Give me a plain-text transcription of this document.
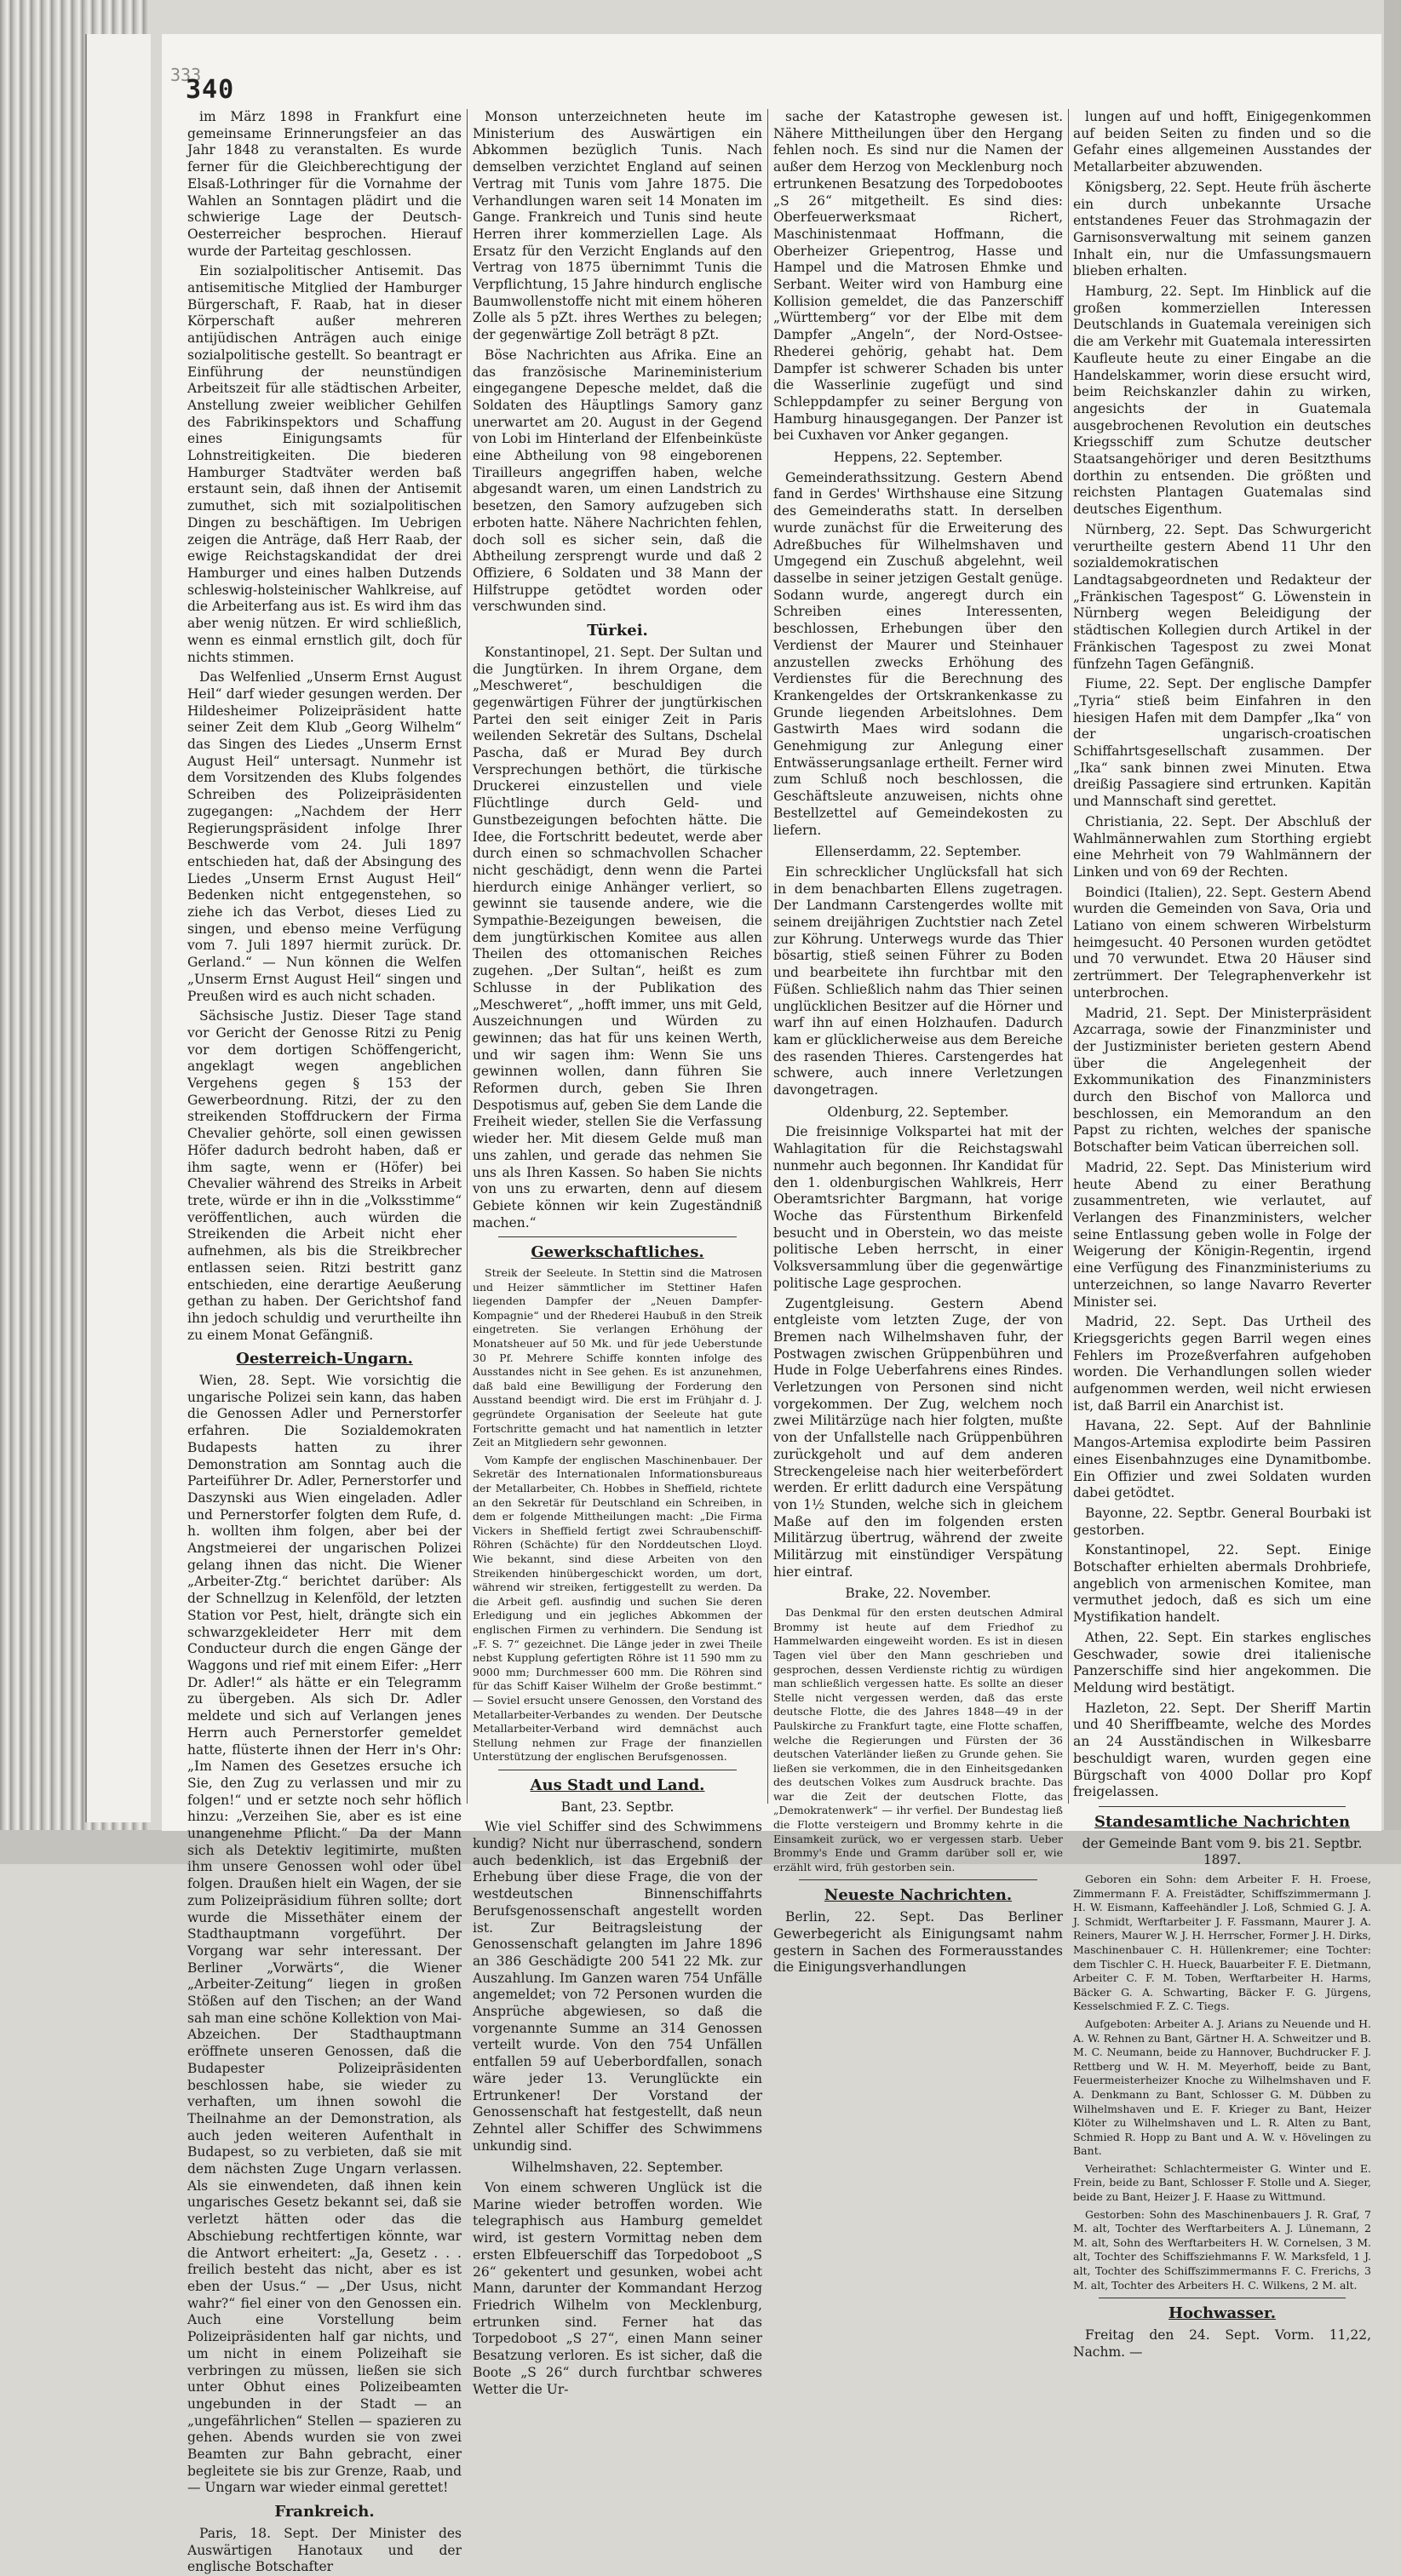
333
340

im März 1898 in Frankfurt eine gemeinsame Erinnerungsfeier an das Jahr 1848 zu veranstalten. Es wurde ferner für die Gleichberechtigung der Elsaß-Lothringer für die Vornahme der Wahlen an Sonntagen plädirt und die schwierige Lage der Deutsch-Oesterreicher besprochen. Hierauf wurde der Parteitag geschlossen.

Ein sozialpolitischer Antisemit. Das antisemitische Mitglied der Hamburger Bürgerschaft, F. Raab, hat in dieser Körperschaft außer mehreren antijüdischen Anträgen auch einige sozialpolitische gestellt. So beantragt er Einführung der neunstündigen Arbeitszeit für alle städtischen Arbeiter, Anstellung zweier weiblicher Gehilfen des Fabrikinspektors und Schaffung eines Einigungsamts für Lohnstreitigkeiten. Die biederen Hamburger Stadtväter werden baß erstaunt sein, daß ihnen der Antisemit zumuthet, sich mit sozialpolitischen Dingen zu beschäftigen. Im Uebrigen zeigen die Anträge, daß Herr Raab, der ewige Reichstagskandidat der drei Hamburger und eines halben Dutzends schleswig-holsteinischer Wahlkreise, auf die Arbeiterfang aus ist. Es wird ihm das aber wenig nützen. Er wird schließlich, wenn es einmal ernstlich gilt, doch für nichts stimmen.

Das Welfenlied „Unserm Ernst August Heil“ darf wieder gesungen werden. Der Hildesheimer Polizeipräsident hatte seiner Zeit dem Klub „Georg Wilhelm“ das Singen des Liedes „Unserm Ernst August Heil“ untersagt. Nunmehr ist dem Vorsitzenden des Klubs folgendes Schreiben des Polizeipräsidenten zugegangen: „Nachdem der Herr Regierungspräsident infolge Ihrer Beschwerde vom 24. Juli 1897 entschieden hat, daß der Absingung des Liedes „Unserm Ernst August Heil“ Bedenken nicht entgegenstehen, so ziehe ich das Verbot, dieses Lied zu singen, und ebenso meine Verfügung vom 7. Juli 1897 hiermit zurück. Dr. Gerland.“ — Nun können die Welfen „Unserm Ernst August Heil“ singen und Preußen wird es auch nicht schaden.

Sächsische Justiz. Dieser Tage stand vor Gericht der Genosse Ritzi zu Penig vor dem dortigen Schöffengericht, angeklagt wegen angeblichen Vergehens gegen § 153 der Gewerbeordnung. Ritzi, der zu den streikenden Stoffdruckern der Firma Chevalier gehörte, soll einen gewissen Höfer dadurch bedroht haben, daß er ihm sagte, wenn er (Höfer) bei Chevalier während des Streiks in Arbeit trete, würde er ihn in die „Volksstimme“ veröffentlichen, auch würden die Streikenden die Arbeit nicht eher aufnehmen, als bis die Streikbrecher entlassen seien. Ritzi bestritt ganz entschieden, eine derartige Aeußerung gethan zu haben. Der Gerichtshof fand ihn jedoch schuldig und verurtheilte ihn zu einem Monat Gefängniß.

Oesterreich-Ungarn.

Wien, 28. Sept. Wie vorsichtig die ungarische Polizei sein kann, das haben die Genossen Adler und Pernerstorfer erfahren. Die Sozialdemokraten Budapests hatten zu ihrer Demonstration am Sonntag auch die Parteiführer Dr. Adler, Pernerstorfer und Daszynski aus Wien eingeladen. Adler und Pernerstorfer folgten dem Rufe, d. h. wollten ihm folgen, aber bei der Angstmeierei der ungarischen Polizei gelang ihnen das nicht. Die Wiener „Arbeiter-Ztg.“ berichtet darüber: Als der Schnellzug in Kelenföld, der letzten Station vor Pest, hielt, drängte sich ein schwarzgekleideter Herr mit dem Conducteur durch die engen Gänge der Waggons und rief mit einem Eifer: „Herr Dr. Adler!“ als hätte er ein Telegramm zu übergeben. Als sich Dr. Adler meldete und sich auf Verlangen jenes Herrn auch Pernerstorfer gemeldet hatte, flüsterte ihnen der Herr in's Ohr: „Im Namen des Gesetzes ersuche ich Sie, den Zug zu verlassen und mir zu folgen!“ und er setzte noch sehr höflich hinzu: „Verzeihen Sie, aber es ist eine unangenehme Pflicht.“ Da der Mann sich als Detektiv legitimirte, mußten ihm unsere Genossen wohl oder übel folgen. Draußen hielt ein Wagen, der sie zum Polizeipräsidium führen sollte; dort wurde die Missethäter einem der Stadthauptmann vorgeführt. Der Vorgang war sehr interessant. Der Berliner „Vorwärts“, die Wiener „Arbeiter-Zeitung“ liegen in großen Stößen auf den Tischen; an der Wand sah man eine schöne Kollektion von Mai-Abzeichen. Der Stadthauptmann eröffnete unseren Genossen, daß die Budapester Polizeipräsidenten beschlossen habe, sie wieder zu verhaften, um ihnen sowohl die Theilnahme an der Demonstration, als auch jeden weiteren Aufenthalt in Budapest, so zu verbieten, daß sie mit dem nächsten Zuge Ungarn verlassen. Als sie einwendeten, daß ihnen kein ungarisches Gesetz bekannt sei, daß sie verletzt hätten oder das die Abschiebung rechtfertigen könnte, war die Antwort erheitert: „Ja, Gesetz . . . freilich besteht das nicht, aber es ist eben der Usus.“ — „Der Usus, nicht wahr?“ fiel einer von den Genossen ein. Auch eine Vorstellung beim Polizeipräsidenten half gar nichts, und um nicht in einem Polizeihaft sie verbringen zu müssen, ließen sie sich unter Obhut eines Polizeibeamten ungebunden in der Stadt — an „ungefährlichen“ Stellen — spazieren zu gehen. Abends wurden sie von zwei Beamten zur Bahn gebracht, einer begleitete sie bis zur Grenze, Raab, und — Ungarn war wieder einmal gerettet!

Frankreich.

Paris, 18. Sept. Der Minister des Auswärtigen Hanotaux und der englische Botschafter

Monson unterzeichneten heute im Ministerium des Auswärtigen ein Abkommen bezüglich Tunis. Nach demselben verzichtet England auf seinen Vertrag mit Tunis vom Jahre 1875. Die Verhandlungen waren seit 14 Monaten im Gange. Frankreich und Tunis sind heute Herren ihrer kommerziellen Lage. Als Ersatz für den Verzicht Englands auf den Vertrag von 1875 übernimmt Tunis die Verpflichtung, 15 Jahre hindurch englische Baumwollenstoffe nicht mit einem höheren Zolle als 5 pZt. ihres Werthes zu belegen; der gegenwärtige Zoll beträgt 8 pZt.

Böse Nachrichten aus Afrika. Eine an das französische Marineministerium eingegangene Depesche meldet, daß die Soldaten des Häuptlings Samory ganz unerwartet am 20. August in der Gegend von Lobi im Hinterland der Elfenbeinküste eine Abtheilung von 98 eingeborenen Tirailleurs angegriffen haben, welche abgesandt waren, um einen Landstrich zu besetzen, den Samory aufzugeben sich erboten hatte. Nähere Nachrichten fehlen, doch soll es sicher sein, daß die Abtheilung zersprengt wurde und daß 2 Offiziere, 6 Soldaten und 38 Mann der Hilfstruppe getödtet worden oder verschwunden sind.

Türkei.

Konstantinopel, 21. Sept. Der Sultan und die Jungtürken. In ihrem Organe, dem „Meschweret“, beschuldigen die gegenwärtigen Führer der jungtürkischen Partei den seit einiger Zeit in Paris weilenden Sekretär des Sultans, Dschelal Pascha, daß er Murad Bey durch Versprechungen bethört, die türkische Druckerei einzustellen und viele Flüchtlinge durch Geld- und Gunstbezeigungen befochten hätte. Die Idee, die Fortschritt bedeutet, werde aber durch einen so schmachvollen Schacher nicht geschädigt, denn wenn die Partei hierdurch einige Anhänger verliert, so gewinnt sie tausende andere, wie die Sympathie-Bezeigungen beweisen, die dem jungtürkischen Komitee aus allen Theilen des ottomanischen Reiches zugehen. „Der Sultan“, heißt es zum Schlusse in der Publikation des „Meschweret“, „hofft immer, uns mit Geld, Auszeichnungen und Würden zu gewinnen; das hat für uns keinen Werth, und wir sagen ihm: Wenn Sie uns gewinnen wollen, dann führen Sie Reformen durch, geben Sie Ihren Despotismus auf, geben Sie dem Lande die Freiheit wieder, stellen Sie die Verfassung wieder her. Mit diesem Gelde muß man uns zahlen, und gerade das nehmen Sie uns als Ihren Kassen. So haben Sie nichts von uns zu erwarten, denn auf diesem Gebiete können wir kein Zugeständniß machen.“

Gewerkschaftliches.

Streik der Seeleute. In Stettin sind die Matrosen und Heizer sämmtlicher im Stettiner Hafen liegenden Dampfer der „Neuen Dampfer-Kompagnie“ und der Rhederei Haubuß in den Streik eingetreten. Sie verlangen Erhöhung der Monatsheuer auf 50 Mk. und für jede Ueberstunde 30 Pf. Mehrere Schiffe konnten infolge des Ausstandes nicht in See gehen. Es ist anzunehmen, daß bald eine Bewilligung der Forderung den Ausstand beendigt wird. Die erst im Frühjahr d. J. gegründete Organisation der Seeleute hat gute Fortschritte gemacht und hat namentlich in letzter Zeit an Mitgliedern sehr gewonnen.

Vom Kampfe der englischen Maschinenbauer. Der Sekretär des Internationalen Informationsbureaus der Metallarbeiter, Ch. Hobbes in Sheffield, richtete an den Sekretär für Deutschland ein Schreiben, in dem er folgende Mittheilungen macht: „Die Firma Vickers in Sheffield fertigt zwei Schraubenschiff-Röhren (Schächte) für den Norddeutschen Lloyd. Wie bekannt, sind diese Arbeiten von den Streikenden hinübergeschickt worden, um dort, während wir streiken, fertiggestellt zu werden. Da die Arbeit gefl. ausfindig und suchen Sie deren Erledigung und ein jegliches Abkommen der englischen Firmen zu verhindern. Die Sendung ist „F. S. 7“ gezeichnet. Die Länge jeder in zwei Theile nebst Kupplung gefertigten Röhre ist 11 590 mm zu 9000 mm; Durchmesser 600 mm. Die Röhren sind für das Schiff Kaiser Wilhelm der Große bestimmt.“ — Soviel ersucht unsere Genossen, den Vorstand des Metallarbeiter-Verbandes zu wenden. Der Deutsche Metallarbeiter-Verband wird demnächst auch Stellung nehmen zur Frage der finanziellen Unterstützung der englischen Berufsgenossen.

Aus Stadt und Land.

Bant, 23. Septbr.

Wie viel Schiffer sind des Schwimmens kundig? Nicht nur überraschend, sondern auch bedenklich, ist das Ergebniß der Erhebung über diese Frage, die von der westdeutschen Binnenschiffahrts Berufsgenossenschaft angestellt worden ist. Zur Beitragsleistung der Genossenschaft gelangten im Jahre 1896 an 386 Geschädigte 200 541 22 Mk. zur Auszahlung. Im Ganzen waren 754 Unfälle angemeldet; von 72 Personen wurden die Ansprüche abgewiesen, so daß die vorgenannte Summe an 314 Genossen verteilt wurde. Von den 754 Unfällen entfallen 59 auf Ueberbordfallen, sonach wäre jeder 13. Verunglückte ein Ertrunkener! Der Vorstand der Genossenschaft hat festgestellt, daß neun Zehntel aller Schiffer des Schwimmens unkundig sind.

Wilhelmshaven, 22. September.

Von einem schweren Unglück ist die Marine wieder betroffen worden. Wie telegraphisch aus Hamburg gemeldet wird, ist gestern Vormittag neben dem ersten Elbfeuerschiff das Torpedoboot „S 26“ gekentert und gesunken, wobei acht Mann, darunter der Kommandant Herzog Friedrich Wilhelm von Mecklenburg, ertrunken sind. Ferner hat das Torpedoboot „S 27“, einen Mann seiner Besatzung verloren. Es ist sicher, daß die Boote „S 26“ durch furchtbar schweres Wetter die Ur-

sache der Katastrophe gewesen ist. Nähere Mittheilungen über den Hergang fehlen noch. Es sind nur die Namen der außer dem Herzog von Mecklenburg noch ertrunkenen Besatzung des Torpedobootes „S 26“ mitgetheilt. Es sind dies: Oberfeuerwerksmaat Richert, Maschinistenmaat Hoffmann, die Oberheizer Griepentrog, Hasse und Hampel und die Matrosen Ehmke und Serbant. Weiter wird von Hamburg eine Kollision gemeldet, die das Panzerschiff „Württemberg“ vor der Elbe mit dem Dampfer „Angeln“, der Nord-Ostsee-Rhederei gehörig, gehabt hat. Dem Dampfer ist schwerer Schaden bis unter die Wasserlinie zugefügt und sind Schleppdampfer zu seiner Bergung von Hamburg hinausgegangen. Der Panzer ist bei Cuxhaven vor Anker gegangen.

Heppens, 22. September.

Gemeinderathssitzung. Gestern Abend fand in Gerdes' Wirthshause eine Sitzung des Gemeinderaths statt. In derselben wurde zunächst für die Erweiterung des Adreßbuches für Wilhelmshaven und Umgegend ein Zuschuß abgelehnt, weil dasselbe in seiner jetzigen Gestalt genüge. Sodann wurde, angeregt durch ein Schreiben eines Interessenten, beschlossen, Erhebungen über den Verdienst der Maurer und Steinhauer anzustellen zwecks Erhöhung des Verdienstes für die Berechnung des Krankengeldes der Ortskrankenkasse zu Grunde liegenden Arbeitslohnes. Dem Gastwirth Maes wird sodann die Genehmigung zur Anlegung einer Entwässerungsanlage ertheilt. Ferner wird zum Schluß noch beschlossen, die Geschäftsleute anzuweisen, nichts ohne Bestellzettel auf Gemeindekosten zu liefern.

Ellenserdamm, 22. September.

Ein schrecklicher Unglücksfall hat sich in dem benachbarten Ellens zugetragen. Der Landmann Carstengerdes wollte mit seinem dreijährigen Zuchtstier nach Zetel zur Köhrung. Unterwegs wurde das Thier bösartig, stieß seinen Führer zu Boden und bearbeitete ihn furchtbar mit den Füßen. Schließlich nahm das Thier seinen unglücklichen Besitzer auf die Hörner und warf ihn auf einen Holzhaufen. Dadurch kam er glücklicherweise aus dem Bereiche des rasenden Thieres. Carstengerdes hat schwere, auch innere Verletzungen davongetragen.

Oldenburg, 22. September.

Die freisinnige Volkspartei hat mit der Wahlagitation für die Reichstagswahl nunmehr auch begonnen. Ihr Kandidat für den 1. oldenburgischen Wahlkreis, Herr Oberamtsrichter Bargmann, hat vorige Woche das Fürstenthum Birkenfeld besucht und in Oberstein, wo das meiste politische Leben herrscht, in einer Volksversammlung über die gegenwärtige politische Lage gesprochen.

Zugentgleisung. Gestern Abend entgleiste vom letzten Zuge, der von Bremen nach Wilhelmshaven fuhr, der Postwagen zwischen Grüppenbühren und Hude in Folge Ueberfahrens eines Rindes. Verletzungen von Personen sind nicht vorgekommen. Der Zug, welchem noch zwei Militärzüge nach hier folgten, mußte von der Unfallstelle nach Grüppenbühren zurückgeholt und auf dem anderen Streckengeleise nach hier weiterbefördert werden. Er erlitt dadurch eine Verspätung von 1½ Stunden, welche sich in gleichem Maße auf den im folgenden ersten Militärzug übertrug, während der zweite Militärzug mit einstündiger Verspätung hier eintraf.

Brake, 22. November.

Das Denkmal für den ersten deutschen Admiral Brommy ist heute auf dem Friedhof zu Hammelwarden eingeweiht worden. Es ist in diesen Tagen viel über den Mann geschrieben und gesprochen, dessen Verdienste richtig zu würdigen man schließlich vergessen hatte. Es sollte an dieser Stelle nicht vergessen werden, daß das erste deutsche Flotte, die des Jahres 1848—49 in der Paulskirche zu Frankfurt tagte, eine Flotte schaffen, welche die Regierungen und Fürsten der 36 deutschen Vaterländer ließen zu Grunde gehen. Sie ließen sie verkommen, die in den Einheitsgedanken des deutschen Volkes zum Ausdruck brachte. Das war die Zeit der deutschen Flotte, das „Demokratenwerk“ — ihr verfiel. Der Bundestag ließ die Flotte versteigern und Brommy kehrte in die Einsamkeit zurück, wo er vergessen starb. Ueber Brommy's Ende und Gramm darüber soll er, wie erzählt wird, früh gestorben sein.

Neueste Nachrichten.

Berlin, 22. Sept. Das Berliner Gewerbegericht als Einigungsamt nahm gestern in Sachen des Formerausstandes die Einigungsverhandlungen

lungen auf und hofft, Einigegenkommen auf beiden Seiten zu finden und so die Gefahr eines allgemeinen Ausstandes der Metallarbeiter abzuwenden.

Königsberg, 22. Sept. Heute früh äscherte ein durch unbekannte Ursache entstandenes Feuer das Strohmagazin der Garnisonsverwaltung mit seinem ganzen Inhalt ein, nur die Umfassungsmauern blieben erhalten.

Hamburg, 22. Sept. Im Hinblick auf die großen kommerziellen Interessen Deutschlands in Guatemala vereinigen sich die am Verkehr mit Guatemala interessirten Kaufleute heute zu einer Eingabe an die Handelskammer, worin diese ersucht wird, beim Reichskanzler dahin zu wirken, angesichts der in Guatemala ausgebrochenen Revolution ein deutsches Kriegsschiff zum Schutze deutscher Staatsangehöriger und deren Besitzthums dorthin zu entsenden. Die größten und reichsten Plantagen Guatemalas sind deutsches Eigenthum.

Nürnberg, 22. Sept. Das Schwurgericht verurtheilte gestern Abend 11 Uhr den sozialdemokratischen Landtagsabgeordneten und Redakteur der „Fränkischen Tagespost“ G. Löwenstein in Nürnberg wegen Beleidigung der städtischen Kollegien durch Artikel in der Fränkischen Tagespost zu zwei Monat fünfzehn Tagen Gefängniß.

Fiume, 22. Sept. Der englische Dampfer „Tyria“ stieß beim Einfahren in den hiesigen Hafen mit dem Dampfer „Ika“ von der ungarisch-croatischen Schiffahrtsgesellschaft zusammen. Der „Ika“ sank binnen zwei Minuten. Etwa dreißig Passagiere sind ertrunken. Kapitän und Mannschaft sind gerettet.

Christiania, 22. Sept. Der Abschluß der Wahlmännerwahlen zum Storthing ergiebt eine Mehrheit von 79 Wahlmännern der Linken und von 69 der Rechten.

Boindici (Italien), 22. Sept. Gestern Abend wurden die Gemeinden von Sava, Oria und Latiano von einem schweren Wirbelsturm heimgesucht. 40 Personen wurden getödtet und 70 verwundet. Etwa 20 Häuser sind zertrümmert. Der Telegraphenverkehr ist unterbrochen.

Madrid, 21. Sept. Der Ministerpräsident Azcarraga, sowie der Finanzminister und der Justizminister berieten gestern Abend über die Angelegenheit der Exkommunikation des Finanzministers durch den Bischof von Mallorca und beschlossen, ein Memorandum an den Papst zu richten, welches der spanische Botschafter beim Vatican überreichen soll.

Madrid, 22. Sept. Das Ministerium wird heute Abend zu einer Berathung zusammentreten, wie verlautet, auf Verlangen des Finanzministers, welcher seine Entlassung geben wolle in Folge der Weigerung der Königin-Regentin, irgend eine Verfügung des Finanzministeriums zu unterzeichnen, so lange Navarro Reverter Minister sei.

Madrid, 22. Sept. Das Urtheil des Kriegsgerichts gegen Barril wegen eines Fehlers im Prozeßverfahren aufgehoben worden. Die Verhandlungen sollen wieder aufgenommen werden, weil nicht erwiesen ist, daß Barril ein Anarchist ist.

Havana, 22. Sept. Auf der Bahnlinie Mangos-Artemisa explodirte beim Passiren eines Eisenbahnzuges eine Dynamitbombe. Ein Offizier und zwei Soldaten wurden dabei getödtet.

Bayonne, 22. Septbr. General Bourbaki ist gestorben.

Konstantinopel, 22. Sept. Einige Botschafter erhielten abermals Drohbriefe, angeblich von armenischen Komitee, man vermuthet jedoch, daß es sich um eine Mystifikation handelt.

Athen, 22. Sept. Ein starkes englisches Geschwader, sowie drei italienische Panzerschiffe sind hier angekommen. Die Meldung wird bestätigt.

Hazleton, 22. Sept. Der Sheriff Martin und 40 Sheriffbeamte, welche des Mordes an 24 Ausständischen in Wilkesbarre beschuldigt waren, wurden gegen eine Bürgschaft von 4000 Dollar pro Kopf freigelassen.

Standesamtliche Nachrichten

der Gemeinde Bant vom 9. bis 21. Septbr. 1897.

Geboren ein Sohn: dem Arbeiter F. H. Froese, Zimmermann F. A. Freistädter, Schiffszimmermann J. H. W. Eismann, Kaffeehändler J. Loß, Schmied G. J. A. J. Schmidt, Werftarbeiter J. F. Fassmann, Maurer J. A. Reiners, Maurer W. J. H. Herrscher, Former J. H. Dirks, Maschinenbauer C. H. Hüllenkremer; eine Tochter: dem Tischler C. H. Hueck, Bauarbeiter F. E. Dietmann, Arbeiter C. F. M. Toben, Werftarbeiter H. Harms, Bäcker G. A. Schwarting, Bäcker F. G. Jürgens, Kesselschmied F. Z. C. Tiegs.

Aufgeboten: Arbeiter A. J. Arians zu Neuende und H. A. W. Rehnen zu Bant, Gärtner H. A. Schweitzer und B. M. C. Neumann, beide zu Hannover, Buchdrucker F. J. Rettberg und W. H. M. Meyerhoff, beide zu Bant, Feuermeisterheizer Knoche zu Wilhelmshaven und F. A. Denkmann zu Bant, Schlosser G. M. Dübben zu Wilhelmshaven und E. F. Krieger zu Bant, Heizer Klöter zu Wilhelmshaven und L. R. Alten zu Bant, Schmied R. Hopp zu Bant und A. W. v. Hövelingen zu Bant.

Verheirathet: Schlachtermeister G. Winter und E. Frein, beide zu Bant, Schlosser F. Stolle und A. Sieger, beide zu Bant, Heizer J. F. Haase zu Wittmund.

Gestorben: Sohn des Maschinenbauers J. R. Graf, 7 M. alt, Tochter des Werftarbeiters A. J. Lünemann, 2 M. alt, Sohn des Werftarbeiters H. W. Cornelsen, 3 M. alt, Tochter des Schiffsziehmanns F. W. Marksfeld, 1 J. alt, Tochter des Schiffszimmermanns F. C. Frerichs, 3 M. alt, Tochter des Arbeiters H. C. Wilkens, 2 M. alt.

Hochwasser.

Freitag den 24. Sept. Vorm. 11,22, Nachm. —
